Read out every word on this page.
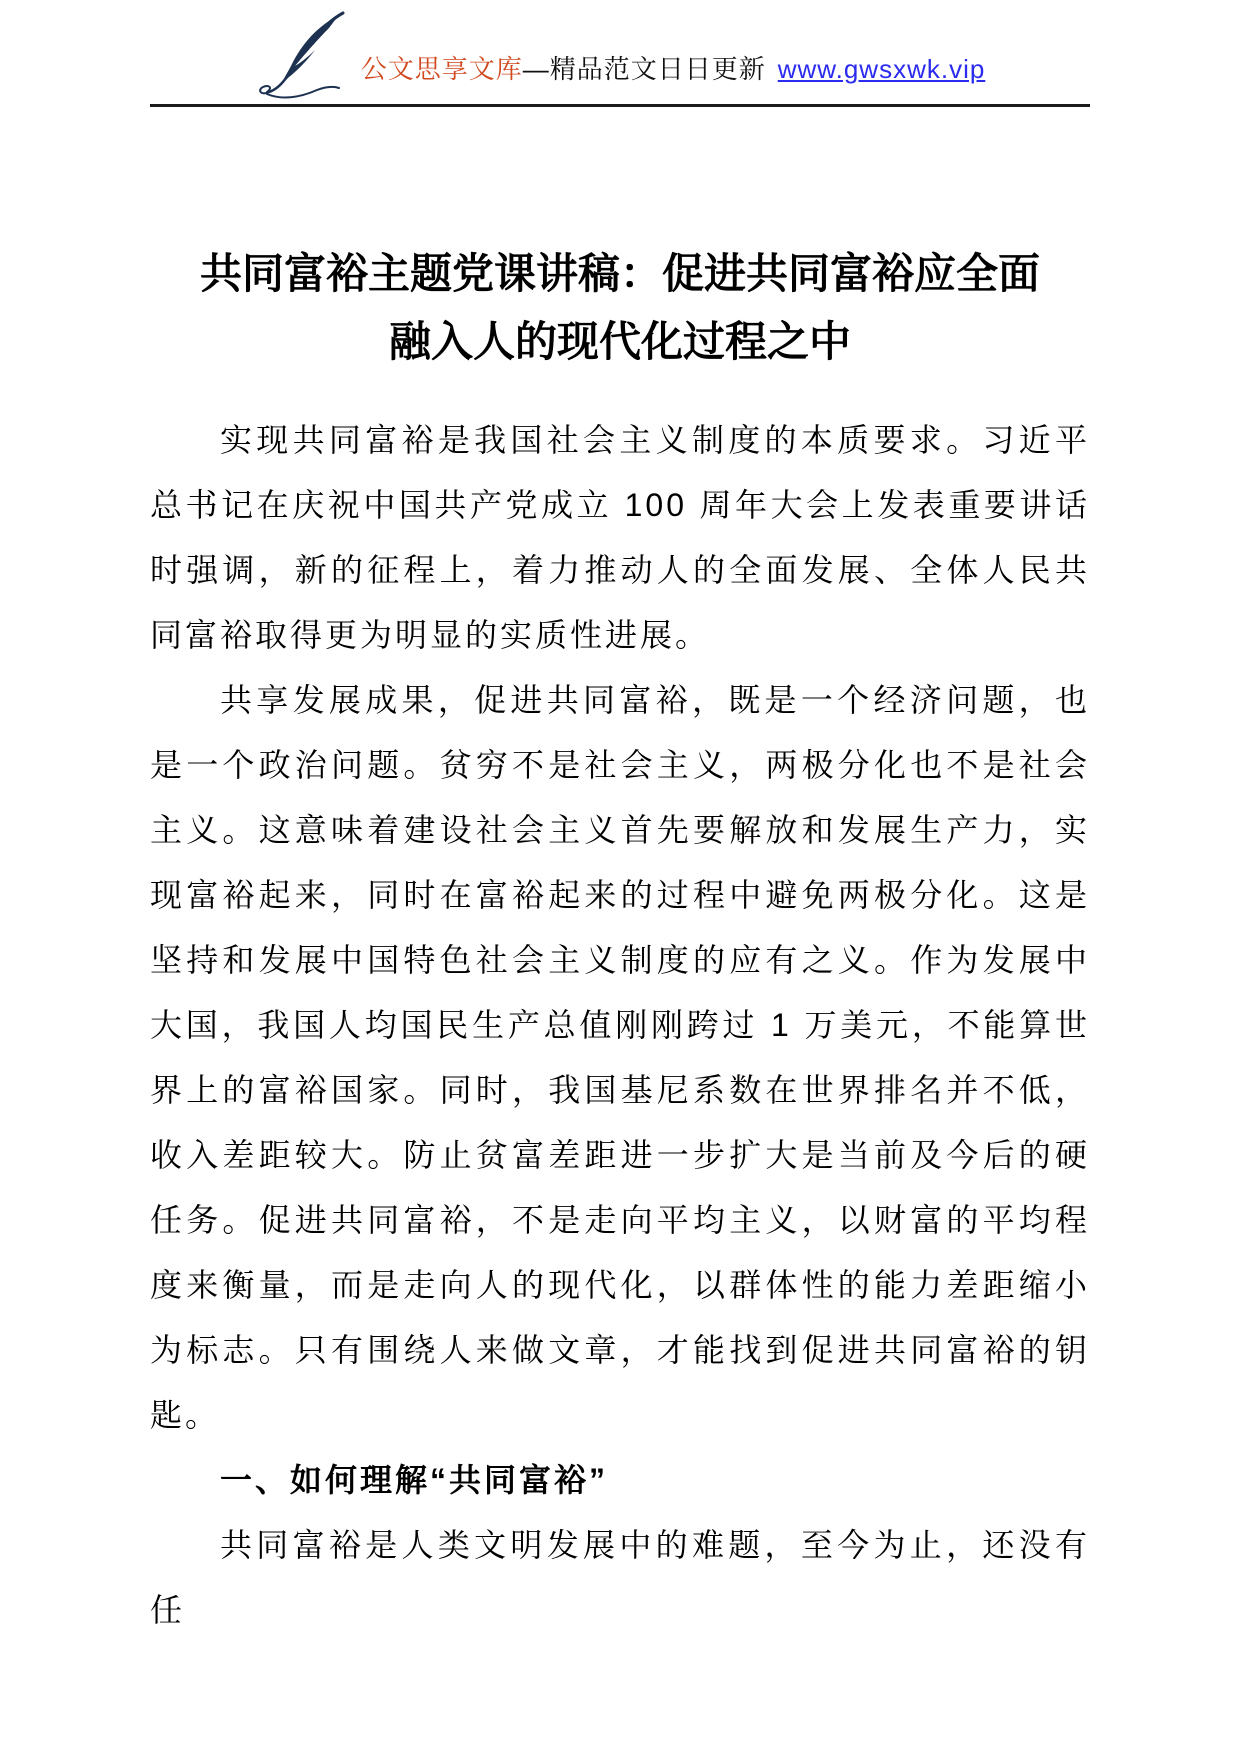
公文思享文库—精品范文日日更新 www.gwsxwk.vip
共同富裕主题党课讲稿：促进共同富裕应全面
融入人的现代化过程之中

实现共同富裕是我国社会主义制度的本质要求。习近平总书记在庆祝中国共产党成立 100 周年大会上发表重要讲话时强调，新的征程上，着力推动人的全面发展、全体人民共同富裕取得更为明显的实质性进展。

共享发展成果，促进共同富裕，既是一个经济问题，也是一个政治问题。贫穷不是社会主义，两极分化也不是社会主义。这意味着建设社会主义首先要解放和发展生产力，实现富裕起来，同时在富裕起来的过程中避免两极分化。这是坚持和发展中国特色社会主义制度的应有之义。作为发展中大国，我国人均国民生产总值刚刚跨过 1 万美元，不能算世界上的富裕国家。同时，我国基尼系数在世界排名并不低，收入差距较大。防止贫富差距进一步扩大是当前及今后的硬任务。促进共同富裕，不是走向平均主义，以财富的平均程度来衡量，而是走向人的现代化，以群体性的能力差距缩小为标志。只有围绕人来做文章，才能找到促进共同富裕的钥匙。

一、如何理解“共同富裕”

共同富裕是人类文明发展中的难题，至今为止，还没有任
